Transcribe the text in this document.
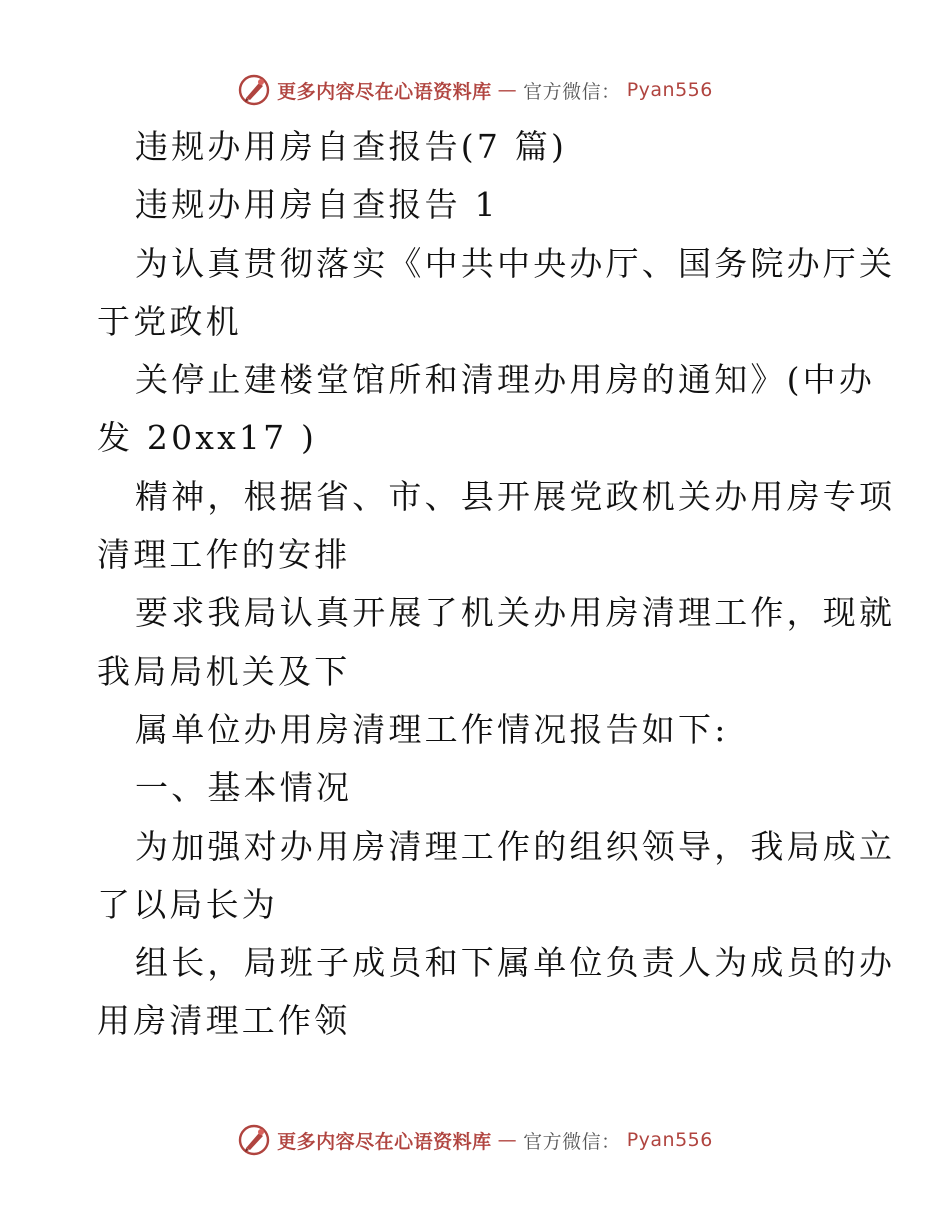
更多内容尽在心语资料库 — 官方微信： Pyan556
违规办用房自查报告(7 篇)
违规办用房自查报告 1
为认真贯彻落实《中共中央办厅、国务院办厅关
于党政机
关停止建楼堂馆所和清理办用房的通知》(中办
发 20xx17 )
精神，根据省、市、县开展党政机关办用房专项
清理工作的安排
要求我局认真开展了机关办用房清理工作，现就
我局局机关及下
属单位办用房清理工作情况报告如下:
一、基本情况
为加强对办用房清理工作的组织领导，我局成立
了以局长为
组长，局班子成员和下属单位负责人为成员的办
用房清理工作领
更多内容尽在心语资料库 — 官方微信： Pyan556
